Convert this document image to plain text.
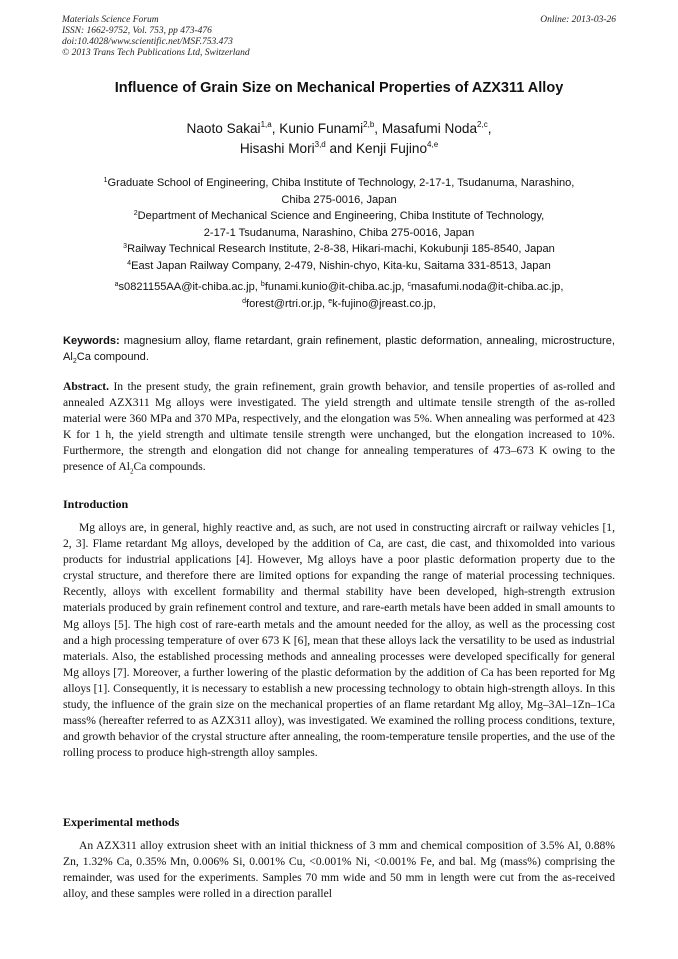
Materials Science Forum
ISSN: 1662-9752, Vol. 753, pp 473-476
doi:10.4028/www.scientific.net/MSF.753.473
© 2013 Trans Tech Publications Ltd, Switzerland
Online: 2013-03-26
Influence of Grain Size on Mechanical Properties of AZX311 Alloy
Naoto Sakai$^{1,a}$, Kunio Funami$^{2,b}$, Masafumi Noda$^{2,c}$,
Hisashi Mori$^{3,d}$ and Kenji Fujino$^{4,e}$
$^1$Graduate School of Engineering, Chiba Institute of Technology, 2-17-1, Tsudanuma, Narashino,
Chiba 275-0016, Japan
$^2$Department of Mechanical Science and Engineering, Chiba Institute of Technology,
2-17-1 Tsudanuma, Narashino, Chiba 275-0016, Japan
$^3$Railway Technical Research Institute, 2-8-38, Hikari-machi, Kokubunji 185-8540, Japan
$^4$East Japan Railway Company, 2-479, Nishin-chyo, Kita-ku, Saitama 331-8513, Japan
$^a$s0821155AA@it-chiba.ac.jp, $^b$funami.kunio@it-chiba.ac.jp, $^c$masafumi.noda@it-chiba.ac.jp,
$^d$forest@rtri.or.jp, $^e$k-fujino@jreast.co.jp,
Keywords: magnesium alloy, flame retardant, grain refinement, plastic deformation, annealing, microstructure, $Al_2Ca$ compound.

Abstract. In the present study, the grain refinement, grain growth behavior, and tensile properties of as-rolled and annealed AZX311 Mg alloys were investigated. The yield strength and ultimate tensile strength of the as-rolled material were 360 MPa and 370 MPa, respectively, and the elongation was 5%. When annealing was performed at 423 K for 1 h, the yield strength and ultimate tensile strength were unchanged, but the elongation increased to 10%. Furthermore, the strength and elongation did not change for annealing temperatures of 473–673 K owing to the presence of $Al_2Ca$ compounds.

Introduction

Mg alloys are, in general, highly reactive and, as such, are not used in constructing aircraft or railway vehicles [1, 2, 3]. Flame retardant Mg alloys, developed by the addition of Ca, are cast, die cast, and thixomolded into various products for industrial applications [4]. However, Mg alloys have a poor plastic deformation property due to the crystal structure, and therefore there are limited options for expanding the range of material processing techniques. Recently, alloys with excellent formability and thermal stability have been developed, high-strength extrusion materials produced by grain refinement control and texture, and rare-earth metals have been added in small amounts to Mg alloys [5]. The high cost of rare-earth metals and the amount needed for the alloy, as well as the processing cost and a high processing temperature of over 673 K [6], mean that these alloys lack the versatility to be used as industrial materials. Also, the established processing methods and annealing processes were developed specifically for general Mg alloys [7]. Moreover, a further lowering of the plastic deformation by the addition of Ca has been reported for Mg alloys [1]. Consequently, it is necessary to establish a new processing technology to obtain high-strength alloys. In this study, the influence of the grain size on the mechanical properties of an flame retardant Mg alloy, Mg–3Al–1Zn–1Ca mass% (hereafter referred to as AZX311 alloy), was investigated. We examined the rolling process conditions, texture, and growth behavior of the crystal structure after annealing, the room-temperature tensile properties, and the use of the rolling process to produce high-strength alloy samples.

Experimental methods

An AZX311 alloy extrusion sheet with an initial thickness of 3 mm and chemical composition of 3.5% Al, 0.88% Zn, 1.32% Ca, 0.35% Mn, 0.006% Si, 0.001% Cu, <0.001% Ni, <0.001% Fe, and bal. Mg (mass%) comprising the remainder, was used for the experiments. Samples 70 mm wide and 50 mm in length were cut from the as-received alloy, and these samples were rolled in a direction parallel
